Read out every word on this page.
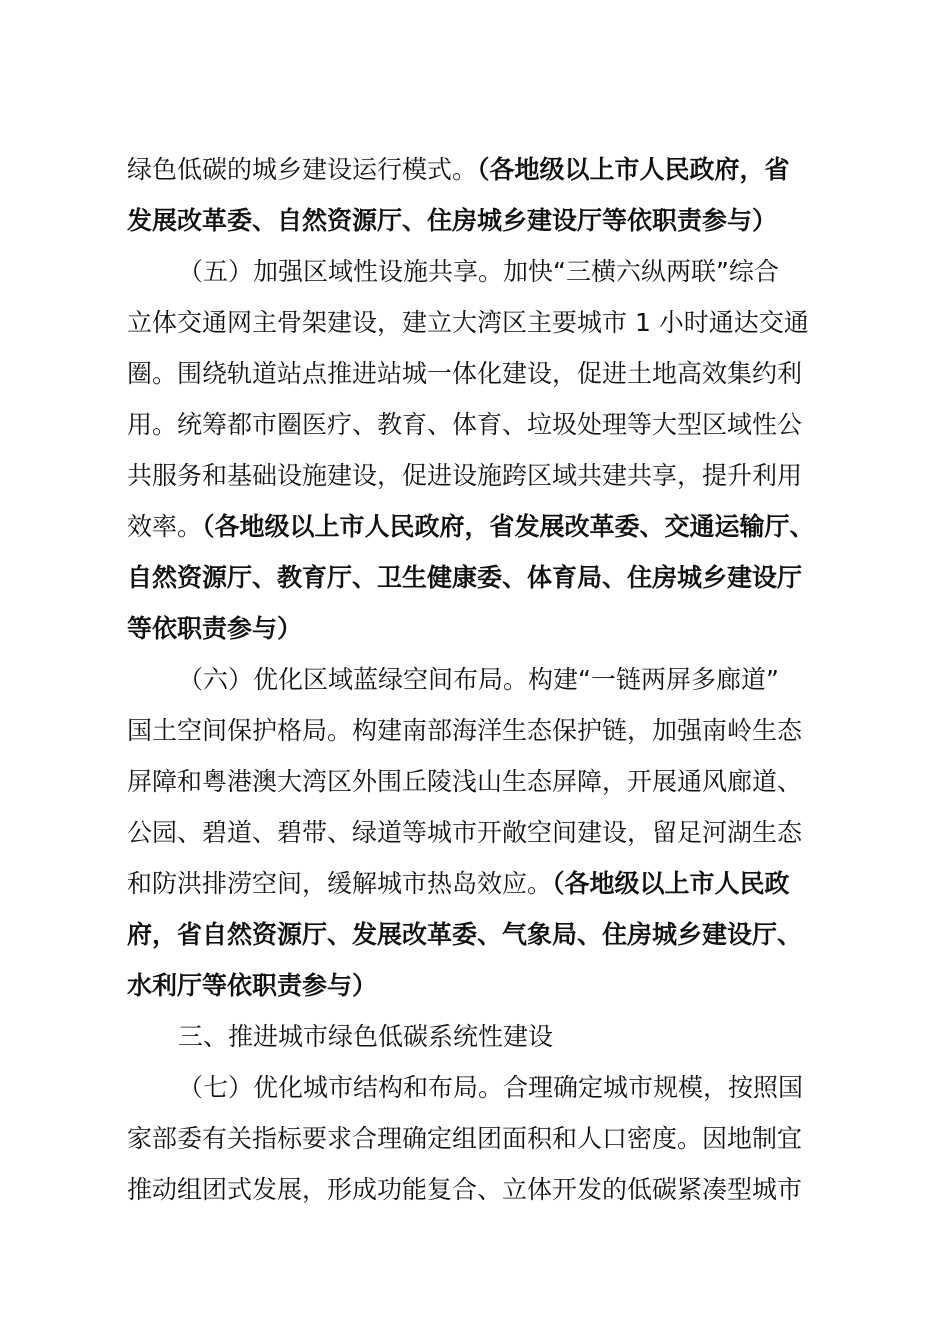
绿色低碳的城乡建设运行模式。（各地级以上市人民政府，省
发展改革委、自然资源厅、住房城乡建设厅等依职责参与）
（五）加强区域性设施共享。加快“三横六纵两联”综合
立体交通网主骨架建设，建立大湾区主要城市 1 小时通达交通
圈。围绕轨道站点推进站城一体化建设，促进土地高效集约利
用。统筹都市圈医疗、教育、体育、垃圾处理等大型区域性公
共服务和基础设施建设，促进设施跨区域共建共享，提升利用
效率。（各地级以上市人民政府，省发展改革委、交通运输厅、
自然资源厅、教育厅、卫生健康委、体育局、住房城乡建设厅
等依职责参与）
（六）优化区域蓝绿空间布局。构建“一链两屏多廊道”
国土空间保护格局。构建南部海洋生态保护链，加强南岭生态
屏障和粤港澳大湾区外围丘陵浅山生态屏障，开展通风廊道、
公园、碧道、碧带、绿道等城市开敞空间建设，留足河湖生态
和防洪排涝空间，缓解城市热岛效应。（各地级以上市人民政
府，省自然资源厅、发展改革委、气象局、住房城乡建设厅、
水利厅等依职责参与）
三、推进城市绿色低碳系统性建设
（七）优化城市结构和布局。合理确定城市规模，按照国
家部委有关指标要求合理确定组团面积和人口密度。因地制宜
推动组团式发展，形成功能复合、立体开发的低碳紧凑型城市
